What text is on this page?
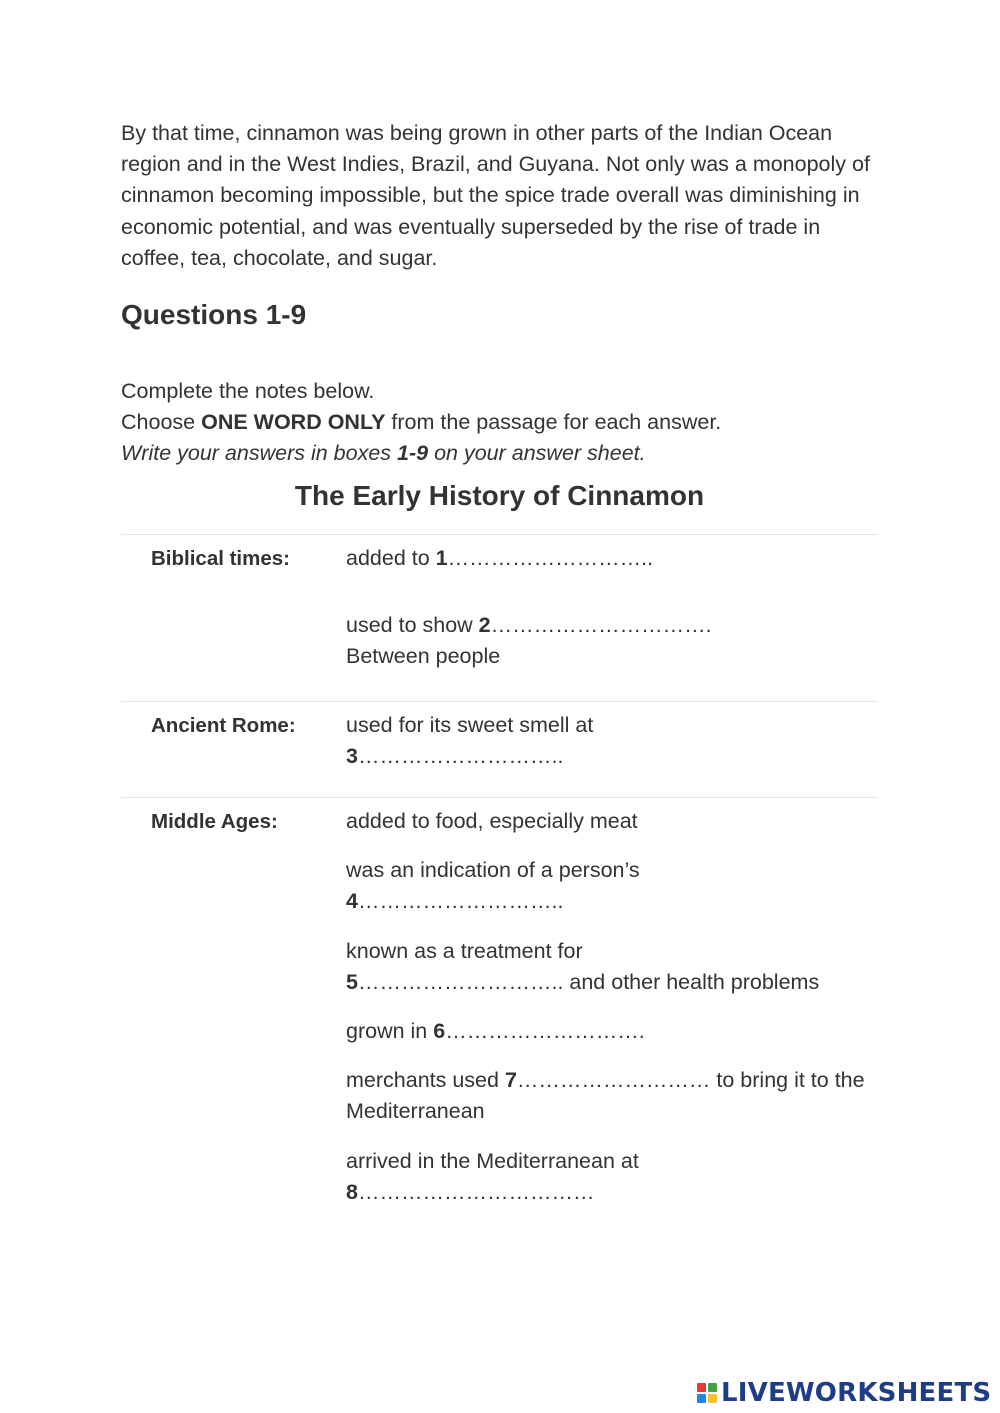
By that time, cinnamon was being grown in other parts of the Indian Ocean region and in the West Indies, Brazil, and Guyana. Not only was a monopoly of cinnamon becoming impossible, but the spice trade overall was diminishing in economic potential, and was eventually superseded by the rise of trade in coffee, tea, chocolate, and sugar.

Questions 1-9

Complete the notes below.

Choose ONE WORD ONLY from the passage for each answer.

Write your answers in boxes 1-9 on your answer sheet.

The Early History of Cinnamon
Biblical times:	added to 1………………………..
used to show 2………………………….
Between people
Ancient Rome:	used for its sweet smell at
3………………………..
Middle Ages:	added to food, especially meat
was an indication of a person’s
4………………………..
known as a treatment for
5……………………….. and other health problems
grown in 6……………………….
merchants used 7……………………… to bring it to the Mediterranean
arrived in the Mediterranean at
8……………………………
LIVEWORKSHEETS
